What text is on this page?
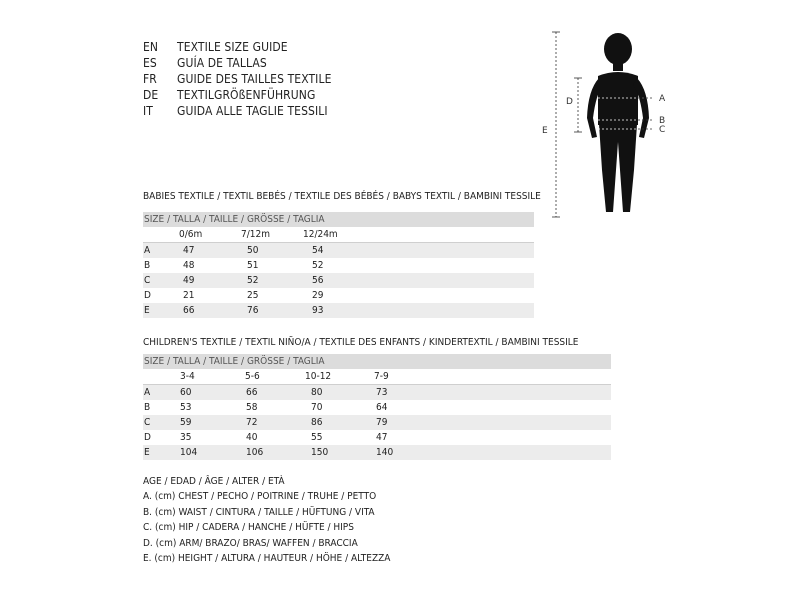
EN	TEXTILE SIZE GUIDE
ES	GUÍA DE TALLAS
FR	GUIDE DES TAILLES TEXTILE
DE	TEXTILGRÖßENFÜHRUNG
IT	GUIDA ALLE TAGLIE TESSILI
D
E
A
B
C
BABIES TEXTILE / TEXTIL BEBÉS / TEXTILE DES BÉBÉS / BABYS TEXTIL / BAMBINI TESSILE
SIZE / TALLA / TAILLE / GRÖSSE / TAGLIA
0/6m	7/12m	12/24m
A	47	50	54
B	48	51	52
C	49	52	56
D	21	25	29
E	66	76	93
CHILDREN'S TEXTILE / TEXTIL NIÑO/A / TEXTILE DES ENFANTS / KINDERTEXTIL / BAMBINI TESSILE
SIZE / TALLA / TAILLE / GRÖSSE / TAGLIA
3-4	5-6	10-12	7-9
A	60	66	80	73
B	53	58	70	64
C	59	72	86	79
D	35	40	55	47
E	104	106	150	140
AGE / EDAD / ÂGE / ALTER / ETÀ
A. (cm) CHEST / PECHO / POITRINE / TRUHE / PETTO
B. (cm) WAIST / CINTURA / TAILLE / HÜFTUNG / VITA
C. (cm) HIP / CADERA / HANCHE / HÜFTE / HIPS
D. (cm) ARM/ BRAZO/ BRAS/ WAFFEN / BRACCIA
E. (cm) HEIGHT / ALTURA / HAUTEUR / HÖHE / ALTEZZA
